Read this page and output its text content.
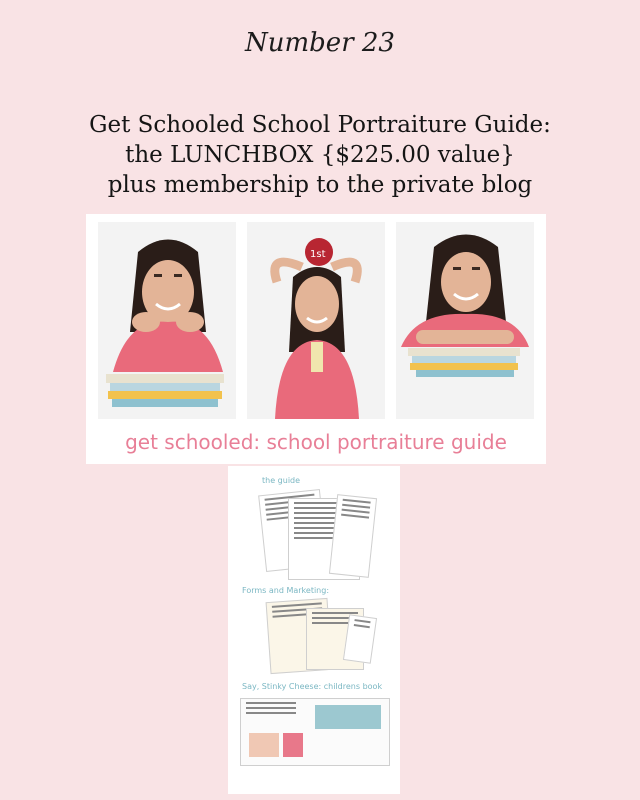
Number 23
Get Schooled School Portraiture Guide:
the LUNCHBOX {$225.00 value}
plus membership to the private blog
1st
get schooled: school portraiture guide
the guide
Forms and Marketing:
Say, Stinky Cheese: childrens book
